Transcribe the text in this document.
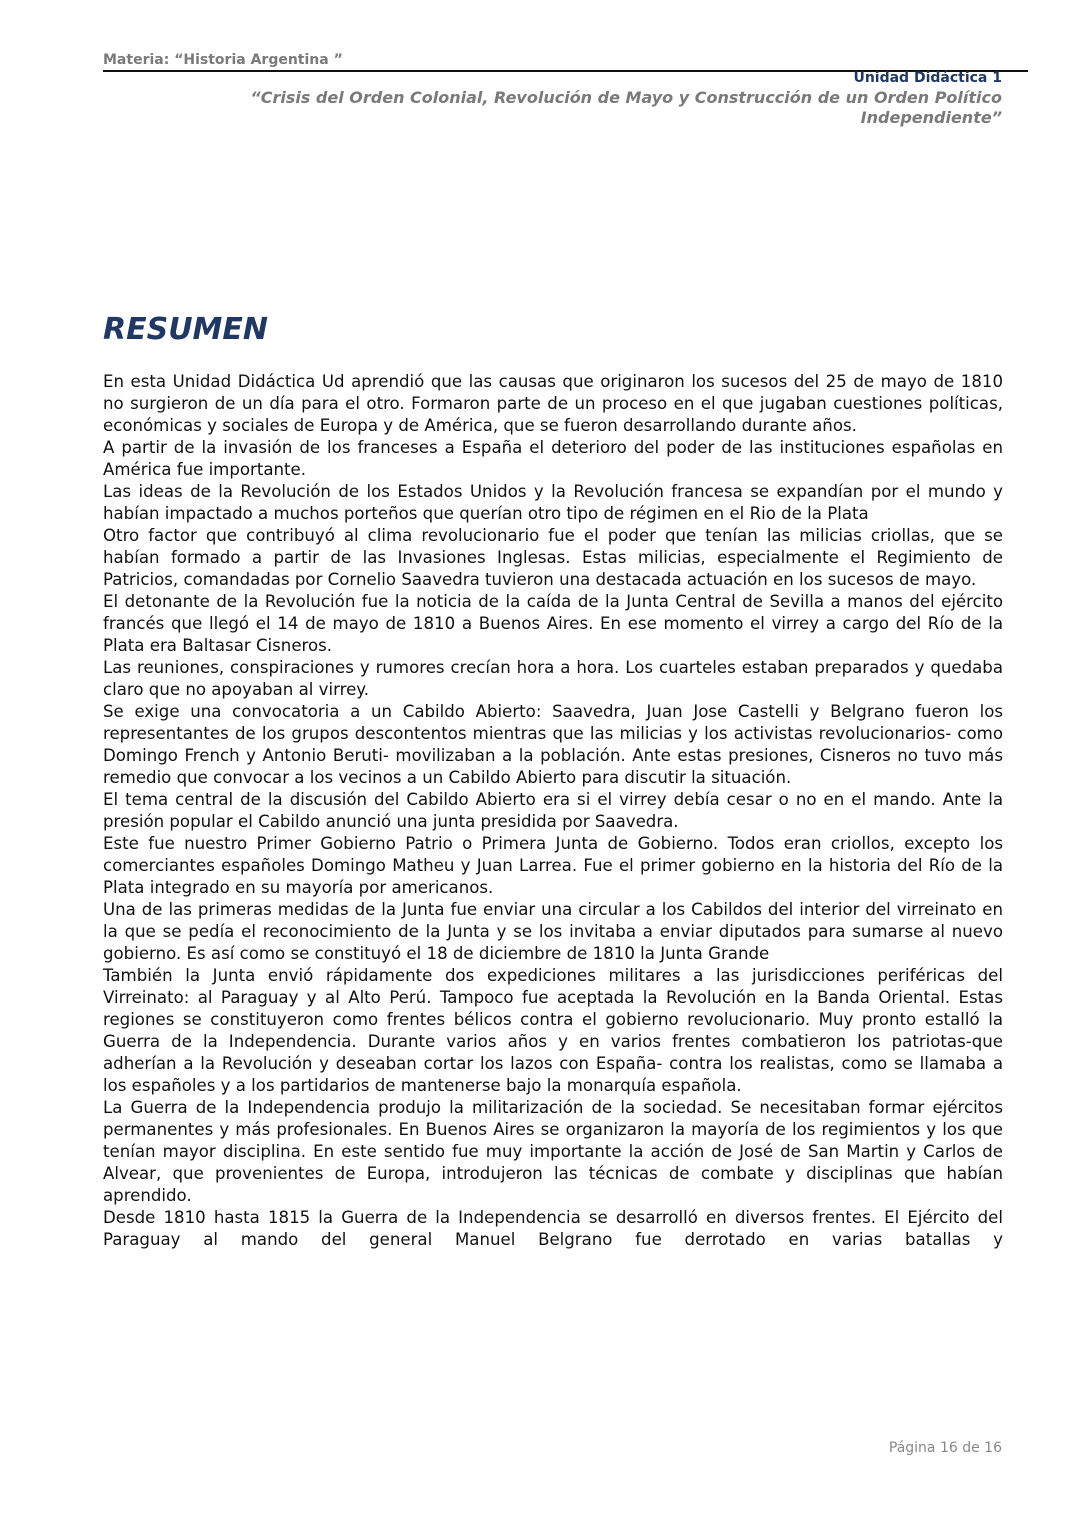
Materia: “Historia Argentina ”
Unidad Didáctica 1
“Crisis del Orden Colonial, Revolución de Mayo y Construcción de un Orden Político Independiente”
RESUMEN

En esta Unidad Didáctica Ud aprendió que las causas que originaron los sucesos del 25 de mayo de 1810 no surgieron de un día para el otro. Formaron parte de un proceso en el que jugaban cuestiones políticas, económicas y sociales de Europa y de América, que se fueron desarrollando durante años.

A partir de la invasión de los franceses a España el deterioro del poder de las instituciones españolas en América fue importante.

Las ideas de la Revolución de los Estados Unidos y la Revolución francesa se expandían por el mundo y habían impactado a muchos porteños que querían otro tipo de régimen en el Rio de la Plata

Otro factor que contribuyó al clima revolucionario fue el poder que tenían las milicias criollas, que se habían formado a partir de las Invasiones Inglesas. Estas milicias, especialmente el Regimiento de Patricios, comandadas por Cornelio Saavedra tuvieron una destacada actuación en los sucesos de mayo.

El detonante de la Revolución fue la noticia de la caída de la Junta Central de Sevilla a manos del ejército francés que llegó el 14 de mayo de 1810 a Buenos Aires. En ese momento el virrey a cargo del Río de la Plata era Baltasar Cisneros.

Las reuniones, conspiraciones y rumores crecían hora a hora. Los cuarteles estaban preparados y quedaba claro que no apoyaban al virrey.

Se exige una convocatoria a un Cabildo Abierto: Saavedra, Juan Jose Castelli y Belgrano fueron los representantes de los grupos descontentos mientras que las milicias y los activistas revolucionarios- como Domingo French y Antonio Beruti- movilizaban a la población. Ante estas presiones, Cisneros no tuvo más remedio que convocar a los vecinos a un Cabildo Abierto para discutir la situación.

El tema central de la discusión del Cabildo Abierto era si el virrey debía cesar o no en el mando. Ante la presión popular el Cabildo anunció una junta presidida por Saavedra.

Este fue nuestro Primer Gobierno Patrio o Primera Junta de Gobierno. Todos eran criollos, excepto los comerciantes españoles Domingo Matheu y Juan Larrea. Fue el primer gobierno en la historia del Río de la Plata integrado en su mayoría por americanos.

Una de las primeras medidas de la Junta fue enviar una circular a los Cabildos del interior del virreinato en la que se pedía el reconocimiento de la Junta y se los invitaba a enviar diputados para sumarse al nuevo gobierno. Es así como se constituyó el 18 de diciembre de 1810 la Junta Grande

También la Junta envió rápidamente dos expediciones militares a las jurisdicciones periféricas del Virreinato: al Paraguay y al Alto Perú. Tampoco fue aceptada la Revolución en la Banda Oriental. Estas regiones se constituyeron como frentes bélicos contra el gobierno revolucionario. Muy pronto estalló la Guerra de la Independencia. Durante varios años y en varios frentes combatieron los patriotas-que adherían a la Revolución y deseaban cortar los lazos con España- contra los realistas, como se llamaba a los españoles y a los partidarios de mantenerse bajo la monarquía española.

La Guerra de la Independencia produjo la militarización de la sociedad. Se necesitaban formar ejércitos permanentes y más profesionales. En Buenos Aires se organizaron la mayoría de los regimientos y los que tenían mayor disciplina. En este sentido fue muy importante la acción de José de San Martin y Carlos de Alvear, que provenientes de Europa, introdujeron las técnicas de combate y disciplinas que habían aprendido.

Desde 1810 hasta 1815 la Guerra de la Independencia se desarrolló en diversos frentes. El Ejército del Paraguay al mando del general Manuel Belgrano fue derrotado en varias batallas y

Página 16 de 16
